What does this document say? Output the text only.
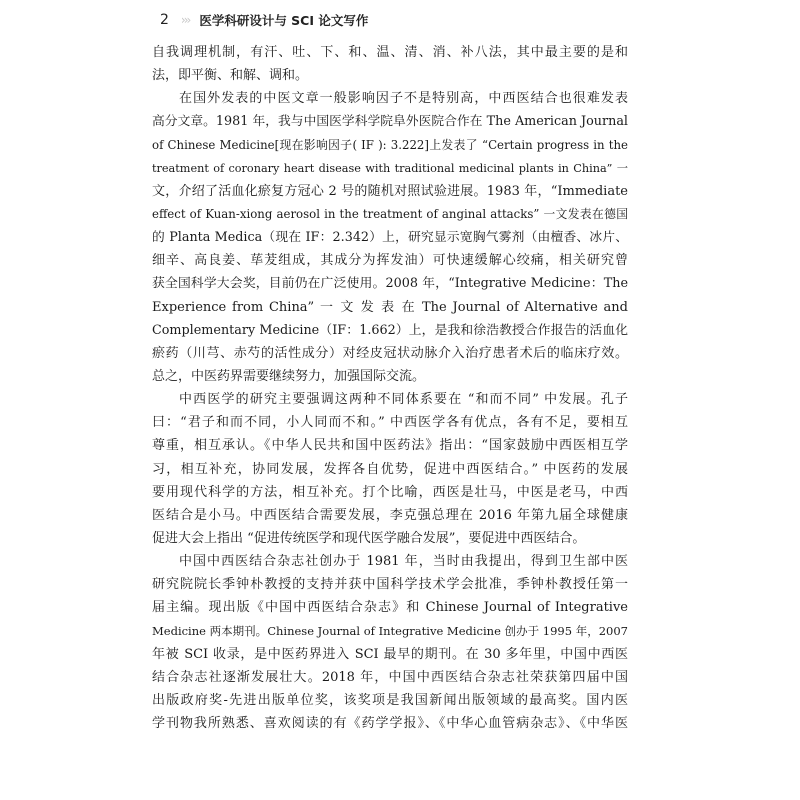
2 ››› 医学科研设计与 SCI 论文写作
自我调理机制，有汗、吐、下、和、温、清、消、补八法，其中最主要的是和
法，即平衡、和解、调和。
在国外发表的中医文章一般影响因子不是特别高，中西医结合也很难发表
高分文章。1981 年，我与中国医学科学院阜外医院合作在 The American Journal
of Chinese Medicine[现在影响因子( IF ): 3.222]上发表了 “Certain progress in the
treatment of coronary heart disease with traditional medicinal plants in China” 一
文，介绍了活血化瘀复方冠心 2 号的随机对照试验进展。1983 年，“Immediate
effect of Kuan-xiong aerosol in the treatment of anginal attacks” 一文发表在德国
的 Planta Medica（现在 IF：2.342）上，研究显示宽胸气雾剂（由檀香、冰片、
细辛、高良姜、荜茇组成，其成分为挥发油）可快速缓解心绞痛，相关研究曾
获全国科学大会奖，目前仍在广泛使用。2008 年，“Integrative Medicine：The
Experience from China” 一 文 发 表 在 The Journal of Alternative and
Complementary Medicine（IF：1.662）上，是我和徐浩教授合作报告的活血化
瘀药（川芎、赤芍的活性成分）对经皮冠状动脉介入治疗患者术后的临床疗效。
总之，中医药界需要继续努力，加强国际交流。
中西医学的研究主要强调这两种不同体系要在 “和而不同” 中发展。孔子
曰：“君子和而不同，小人同而不和。” 中西医学各有优点，各有不足，要相互
尊重，相互承认。《中华人民共和国中医药法》指出：“国家鼓励中西医相互学
习，相互补充，协同发展，发挥各自优势，促进中西医结合。” 中医药的发展
要用现代科学的方法，相互补充。打个比喻，西医是壮马，中医是老马，中西
医结合是小马。中西医结合需要发展，李克强总理在 2016 年第九届全球健康
促进大会上指出 “促进传统医学和现代医学融合发展”，要促进中西医结合。
中国中西医结合杂志社创办于 1981 年，当时由我提出，得到卫生部中医
研究院院长季钟朴教授的支持并获中国科学技术学会批准，季钟朴教授任第一
届主编。现出版《中国中西医结合杂志》和 Chinese Journal of Integrative
Medicine 两本期刊。Chinese Journal of Integrative Medicine 创办于 1995 年，2007
年被 SCI 收录，是中医药界进入 SCI 最早的期刊。在 30 多年里，中国中西医
结合杂志社逐渐发展壮大。2018 年，中国中西医结合杂志社荣获第四届中国
出版政府奖-先进出版单位奖，该奖项是我国新闻出版领域的最高奖。国内医
学刊物我所熟悉、喜欢阅读的有《药学学报》、《中华心血管病杂志》、《中华医
